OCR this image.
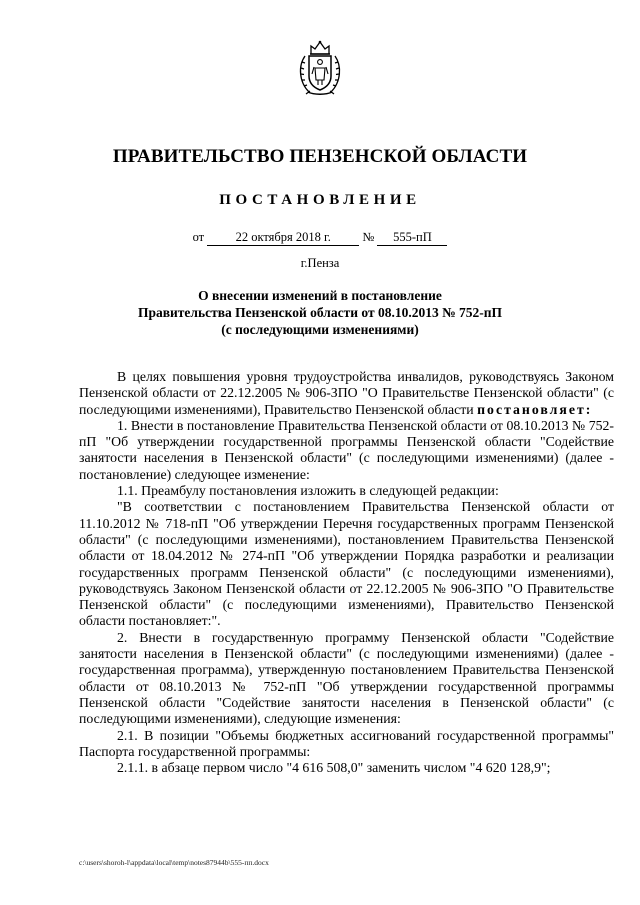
ПРАВИТЕЛЬСТВО ПЕНЗЕНСКОЙ ОБЛАСТИ
ПОСТАНОВЛЕНИЕ
от	22 октября 2018 г.	№ 555-пП
г.Пенза
О внесении изменений в постановление
Правительства Пензенской области от 08.10.2013 № 752-пП
(с последующими изменениями)

В целях повышения уровня трудоустройства инвалидов, руководствуясь Законом Пензенской области от 22.12.2005 № 906-ЗПО "О Правительстве Пензенской области" (с последующими изменениями), Правительство Пензенской области постановляет:

1. Внести в постановление Правительства Пензенской области от 08.10.2013 № 752-пП "Об утверждении государственной программы Пензенской области "Содействие занятости населения в Пензенской области" (с последующими изменениями) (далее - постановление) следующее изменение:

1.1. Преамбулу постановления изложить в следующей редакции:

"В соответствии с постановлением Правительства Пензенской области от 11.10.2012 № 718-пП "Об утверждении Перечня государственных программ Пензенской области" (с последующими изменениями), постановлением Правительства Пензенской области от 18.04.2012 № 274-пП "Об утверждении Порядка разработки и реализации государственных программ Пензенской области" (с последующими изменениями), руководствуясь Законом Пензенской области от 22.12.2005 № 906-ЗПО "О Правительстве Пензенской области" (с последующими изменениями), Правительство Пензенской области постановляет:".

2. Внести в государственную программу Пензенской области "Содействие занятости населения в Пензенской области" (с последующими изменениями) (далее - государственная программа), утвержденную постановлением Правительства Пензенской области от 08.10.2013 № 752-пП "Об утверждении государственной программы Пензенской области "Содействие занятости населения в Пензенской области" (с последующими изменениями), следующие изменения:

2.1. В позиции "Объемы бюджетных ассигнований государственной программы" Паспорта государственной программы:

2.1.1. в абзаце первом число "4 616 508,0" заменить числом "4 620 128,9";

c:\users\shoroh-l\appdata\local\temp\notes87944b\555-пп.docx
